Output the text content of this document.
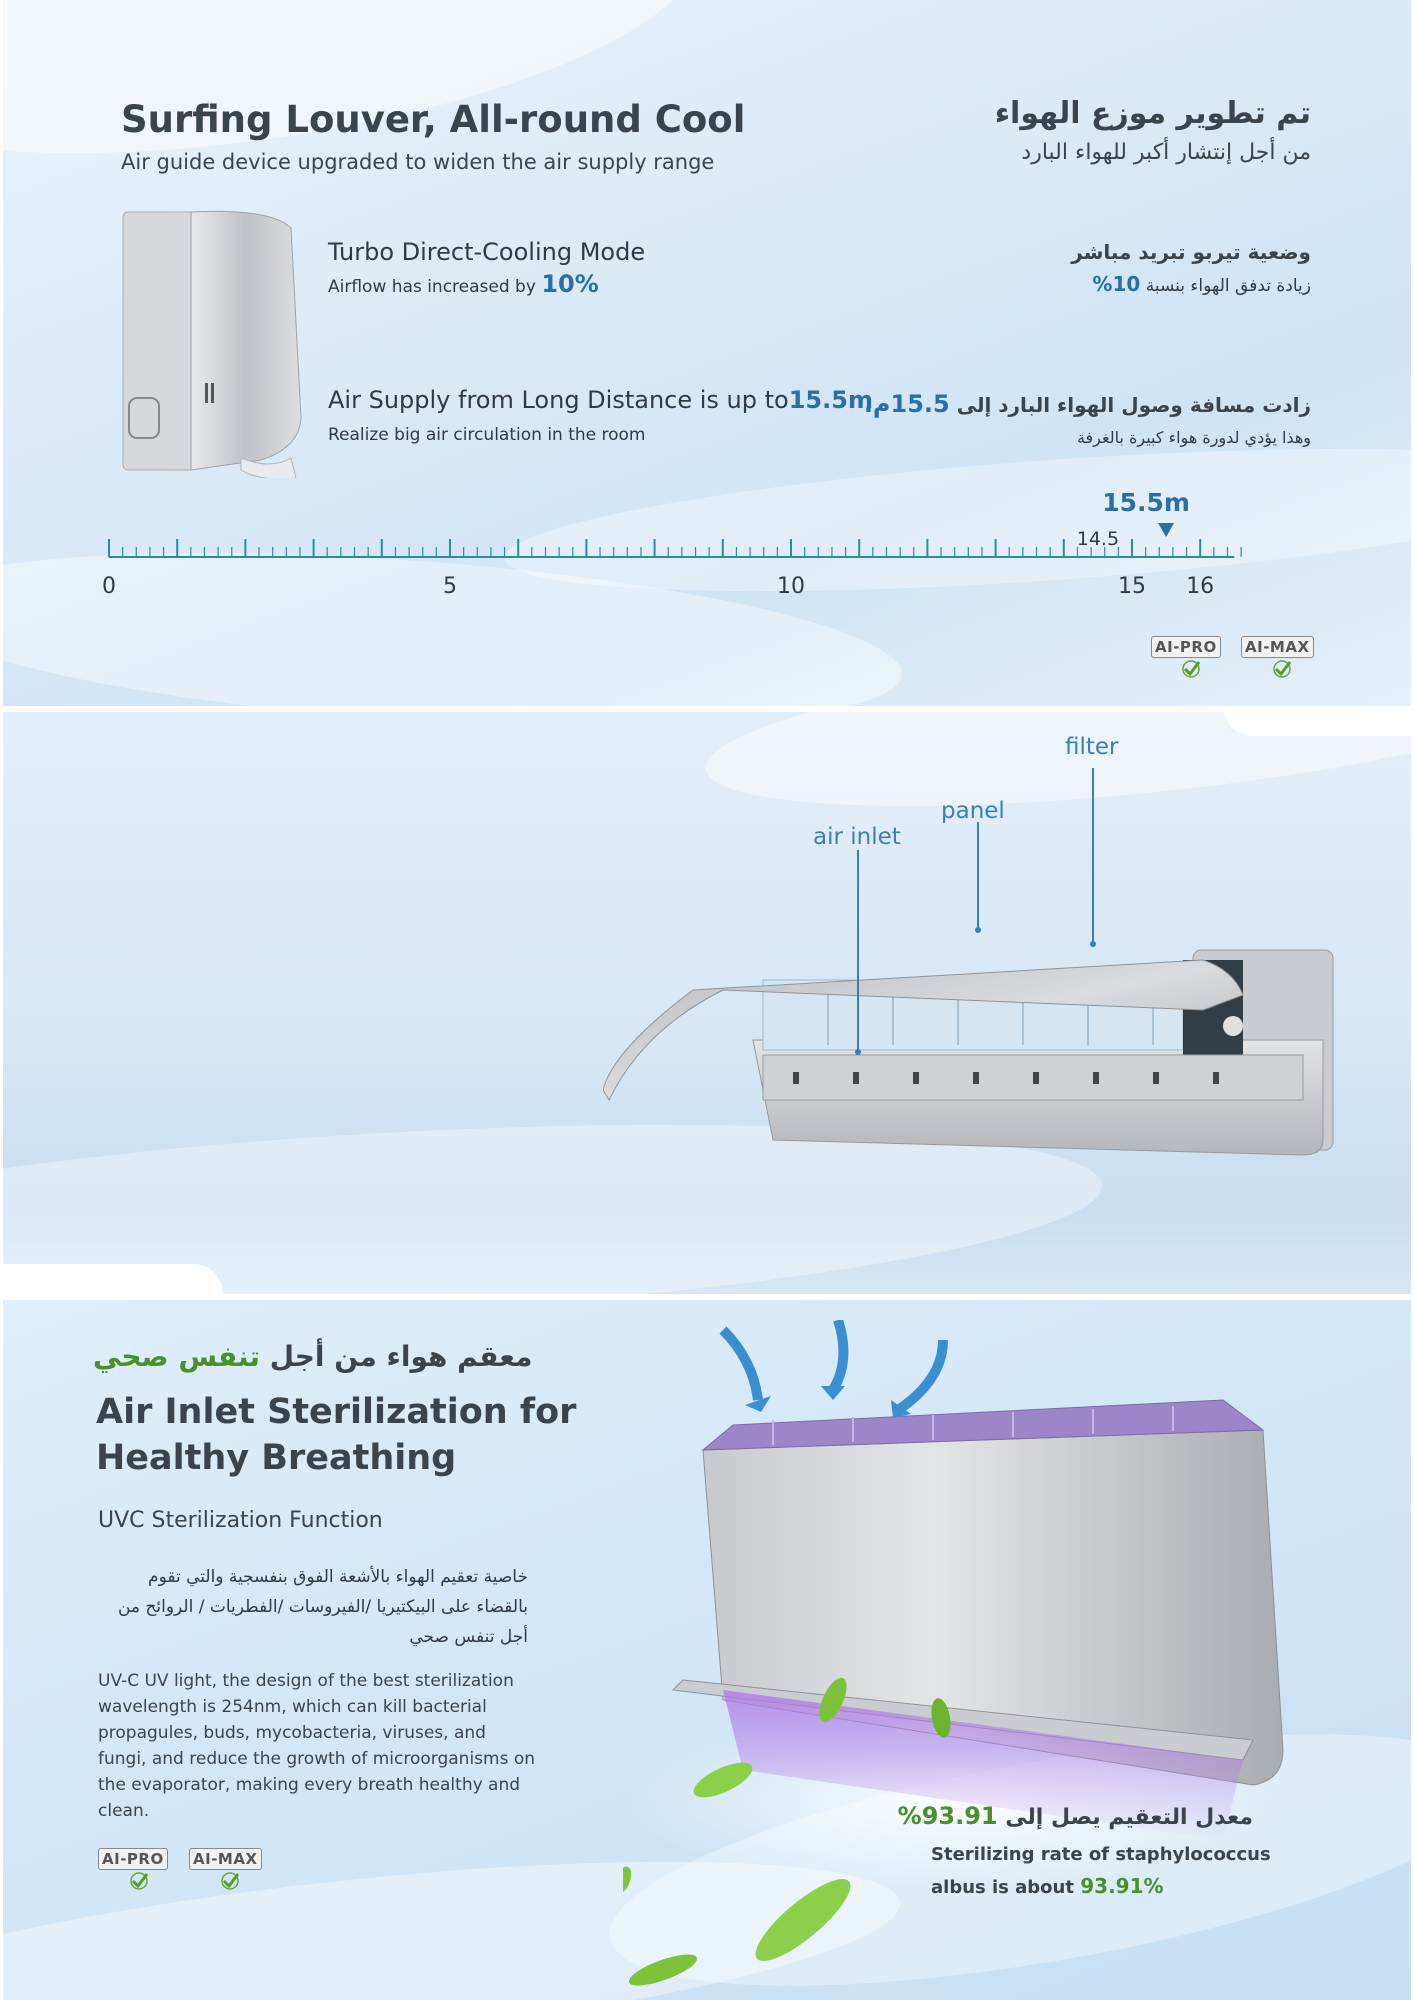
Surfing Louver, All-round Cool
Air guide device upgraded to widen the air supply range
تم تطوير موزع الهواء
من أجل إنتشار أكبر للهواء البارد
Turbo Direct-Cooling Mode
Airflow has increased by 10%
وضعية تيربو تبريد مباشر
زيادة تدفق الهواء بنسبة 10%
Air Supply from Long Distance is up to15.5m
Realize big air circulation in the room
زادت مسافة وصول الهواء البارد إلى 15.5م.
وهذا يؤدي لدورة هواء كبيرة بالغرفة
0	5	10	15 16
14.5
15.5m
AI-PRO AI-MAX
air inlet
panel
filter
معقم هواء من أجل تنفس صحي
Air Inlet Sterilization for
Healthy Breathing
UVC Sterilization Function
خاصية تعقيم الهواء بالأشعة الفوق بنفسجية والتي تقوم بالقضاء على البيكتيريا /الفيروسات /الفطريات / الروائح من أجل تنفس صحي
UV-C UV light, the design of the best sterilization wavelength is 254nm, which can kill bacterial propagules, buds, mycobacteria, viruses, and fungi, and reduce the growth of microorganisms on the evaporator, making every breath healthy and clean.
AI-PRO AI-MAX
معدل التعقيم يصل إلى 93.91%
Sterilizing rate of staphylococcus
albus is about 93.91%
